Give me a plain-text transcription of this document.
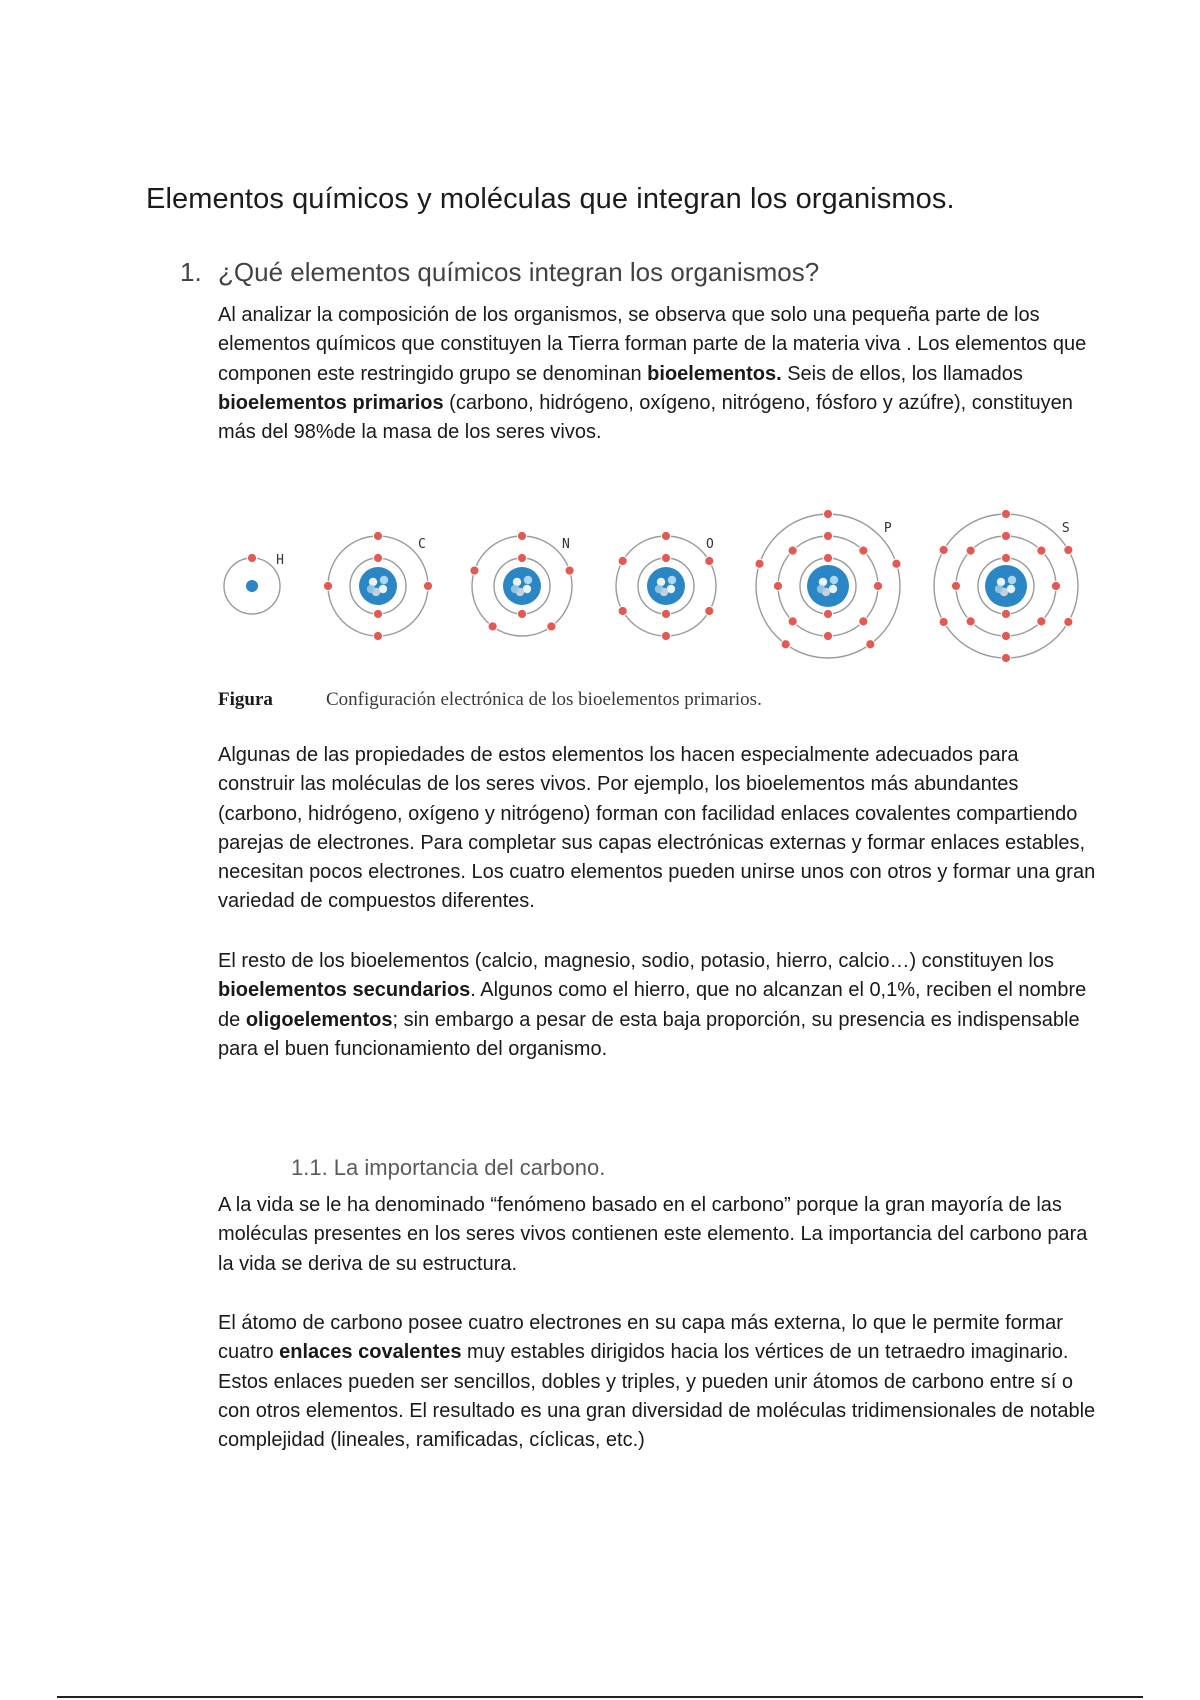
Elementos químicos y moléculas que integran los organismos.
1. ¿Qué elementos químicos integran los organismos?

Al analizar la composición de los organismos, se observa que solo una pequeña parte de los elementos químicos que constituyen la Tierra forman parte de la materia viva . Los elementos que componen este restringido grupo se denominan bioelementos. Seis de ellos, los llamados bioelementos primarios (carbono, hidrógeno, oxígeno, nitrógeno, fósforo y azúfre), constituyen más del 98%de la masa de los seres vivos.

H
C	N	O
P	S

Figura	Configuración electrónica de los bioelementos primarios.

Algunas de las propiedades de estos elementos los hacen especialmente adecuados para construir las moléculas de los seres vivos. Por ejemplo, los bioelementos más abundantes (carbono, hidrógeno, oxígeno y nitrógeno) forman con facilidad enlaces covalentes compartiendo parejas de electrones. Para completar sus capas electrónicas externas y formar enlaces estables, necesitan pocos electrones. Los cuatro elementos pueden unirse unos con otros y formar una gran variedad de compuestos diferentes.

El resto de los bioelementos (calcio, magnesio, sodio, potasio, hierro, calcio…) constituyen los bioelementos secundarios. Algunos como el hierro, que no alcanzan el 0,1%, reciben el nombre de oligoelementos; sin embargo a pesar de esta baja proporción, su presencia es indispensable para el buen funcionamiento del organismo.

1.1. La importancia del carbono.

A la vida se le ha denominado “fenómeno basado en el carbono” porque la gran mayoría de las moléculas presentes en los seres vivos contienen este elemento. La importancia del carbono para la vida se deriva de su estructura.

El átomo de carbono posee cuatro electrones en su capa más externa, lo que le permite formar cuatro enlaces covalentes muy estables dirigidos hacia los vértices de un tetraedro imaginario. Estos enlaces pueden ser sencillos, dobles y triples, y pueden unir átomos de carbono entre sí o con otros elementos. El resultado es una gran diversidad de moléculas tridimensionales de notable complejidad (lineales, ramificadas, cíclicas, etc.)
